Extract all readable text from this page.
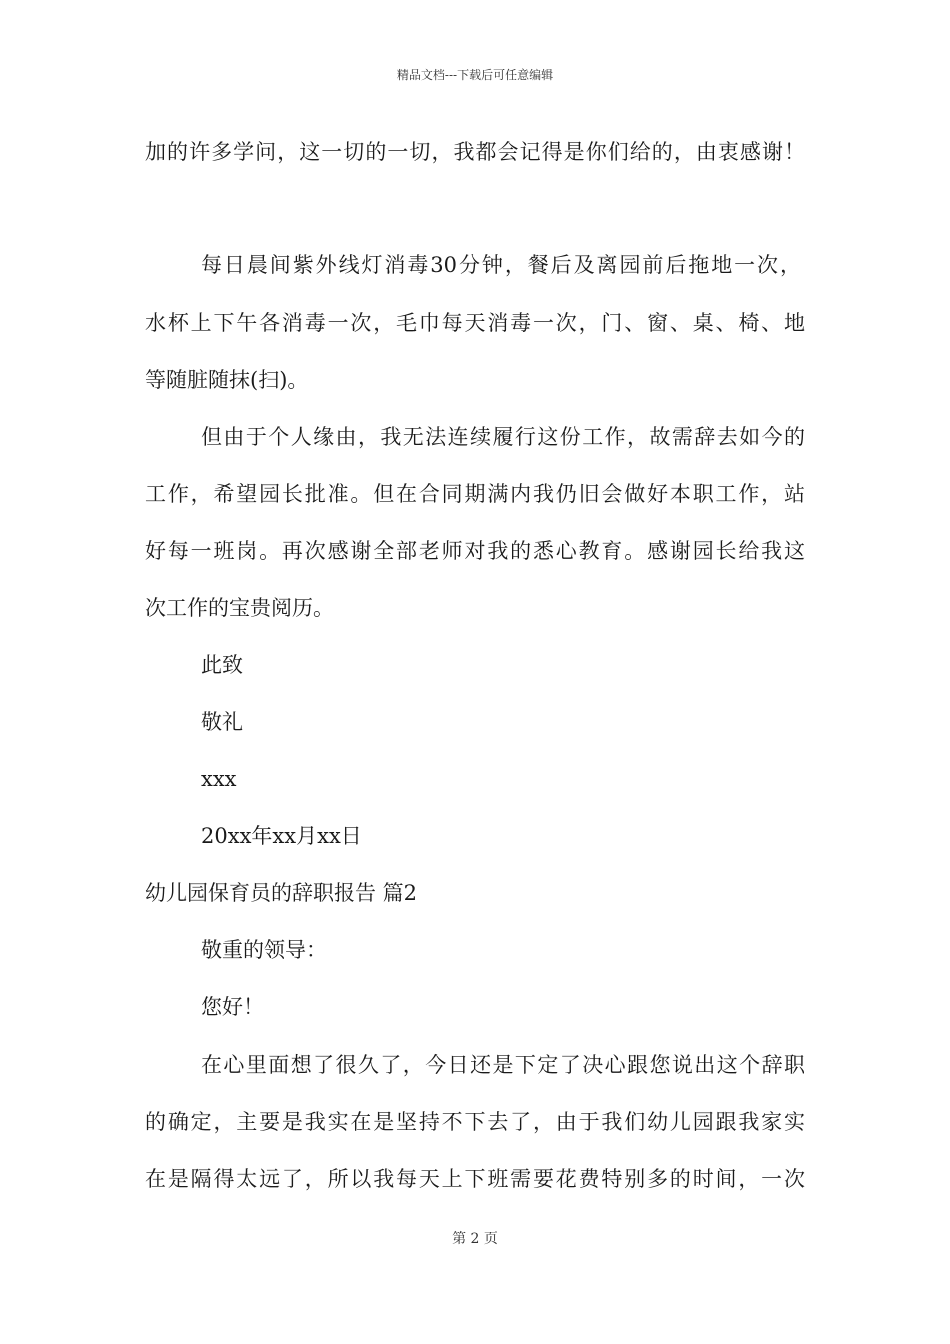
精品文档---下载后可任意编辑
加的许多学问，这一切的一切，我都会记得是你们给的，由衷感谢！
每日晨间紫外线灯消毒30分钟，餐后及离园前后拖地一次，
水杯上下午各消毒一次，毛巾每天消毒一次，门、窗、桌、椅、地
等随脏随抹(扫)。
但由于个人缘由，我无法连续履行这份工作，故需辞去如今的
工作，希望园长批准。但在合同期满内我仍旧会做好本职工作，站
好每一班岗。再次感谢全部老师对我的悉心教育。感谢园长给我这
次工作的宝贵阅历。
此致
敬礼
xxx
20xx年xx月xx日
幼儿园保育员的辞职报告 篇2
敬重的领导：
您好！
在心里面想了很久了，今日还是下定了决心跟您说出这个辞职
的确定，主要是我实在是坚持不下去了，由于我们幼儿园跟我家实
在是隔得太远了，所以我每天上下班需要花费特别多的时间，一次
第 2 页
